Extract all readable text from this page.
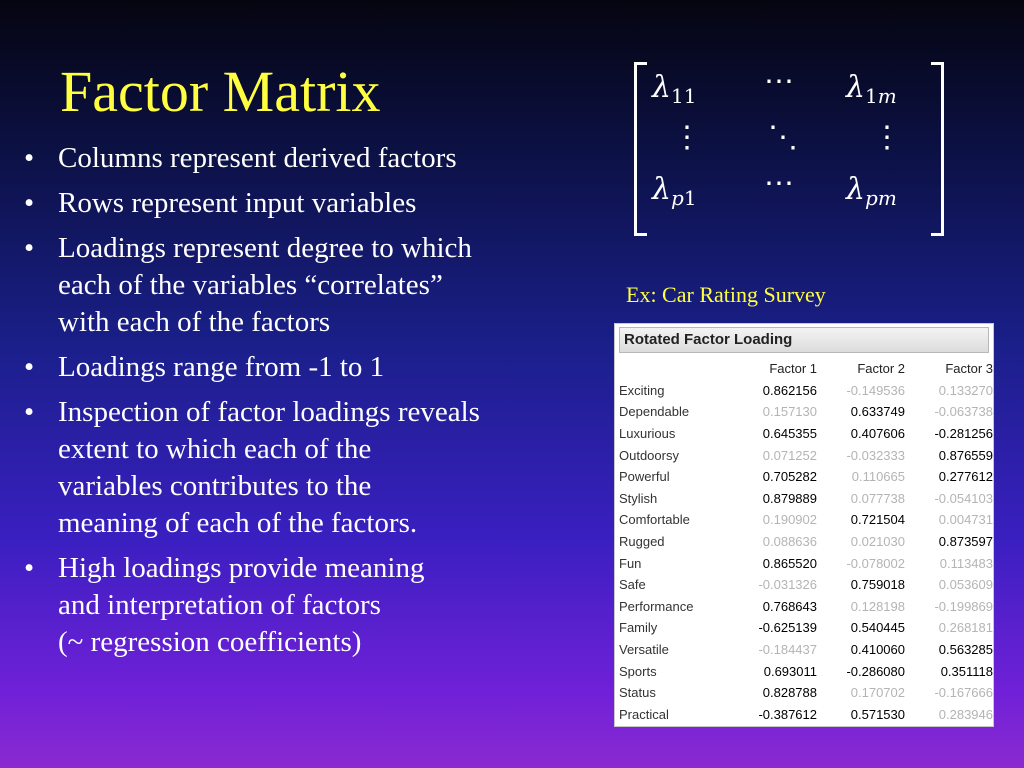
Factor Matrix
• Columns represent derived factors
• Rows represent input variables
• Loadings represent degree to which
each of the variables “correlates”
with each of the factors
• Loadings range from -1 to 1
• Inspection of factor loadings reveals
extent to which each of the
variables contributes to the
meaning of each of the factors.
• High loadings provide meaning
and interpretation of factors
(~ regression coefficients)
$\lambda_{11}$ ⋯ $\lambda_{1m}$
⋮ ⋱ ⋮
$\lambda_{p1}$ ⋯ $\lambda_{pm}$
Ex: Car Rating Survey
Rotated Factor Loading
	Factor 1	Factor 2	Factor 3
Exciting	0.862156	-0.149536	0.133270
Dependable	0.157130	0.633749	-0.063738
Luxurious	0.645355	0.407606	-0.281256
Outdoorsy	0.071252	-0.032333	0.876559
Powerful	0.705282	0.110665	0.277612
Stylish	0.879889	0.077738	-0.054103
Comfortable	0.190902	0.721504	0.004731
Rugged	0.088636	0.021030	0.873597
Fun	0.865520	-0.078002	0.113483
Safe	-0.031326	0.759018	0.053609
Performance	0.768643	0.128198	-0.199869
Family	-0.625139	0.540445	0.268181
Versatile	-0.184437	0.410060	0.563285
Sports	0.693011	-0.286080	0.351118
Status	0.828788	0.170702	-0.167666
Practical	-0.387612	0.571530	0.283946
